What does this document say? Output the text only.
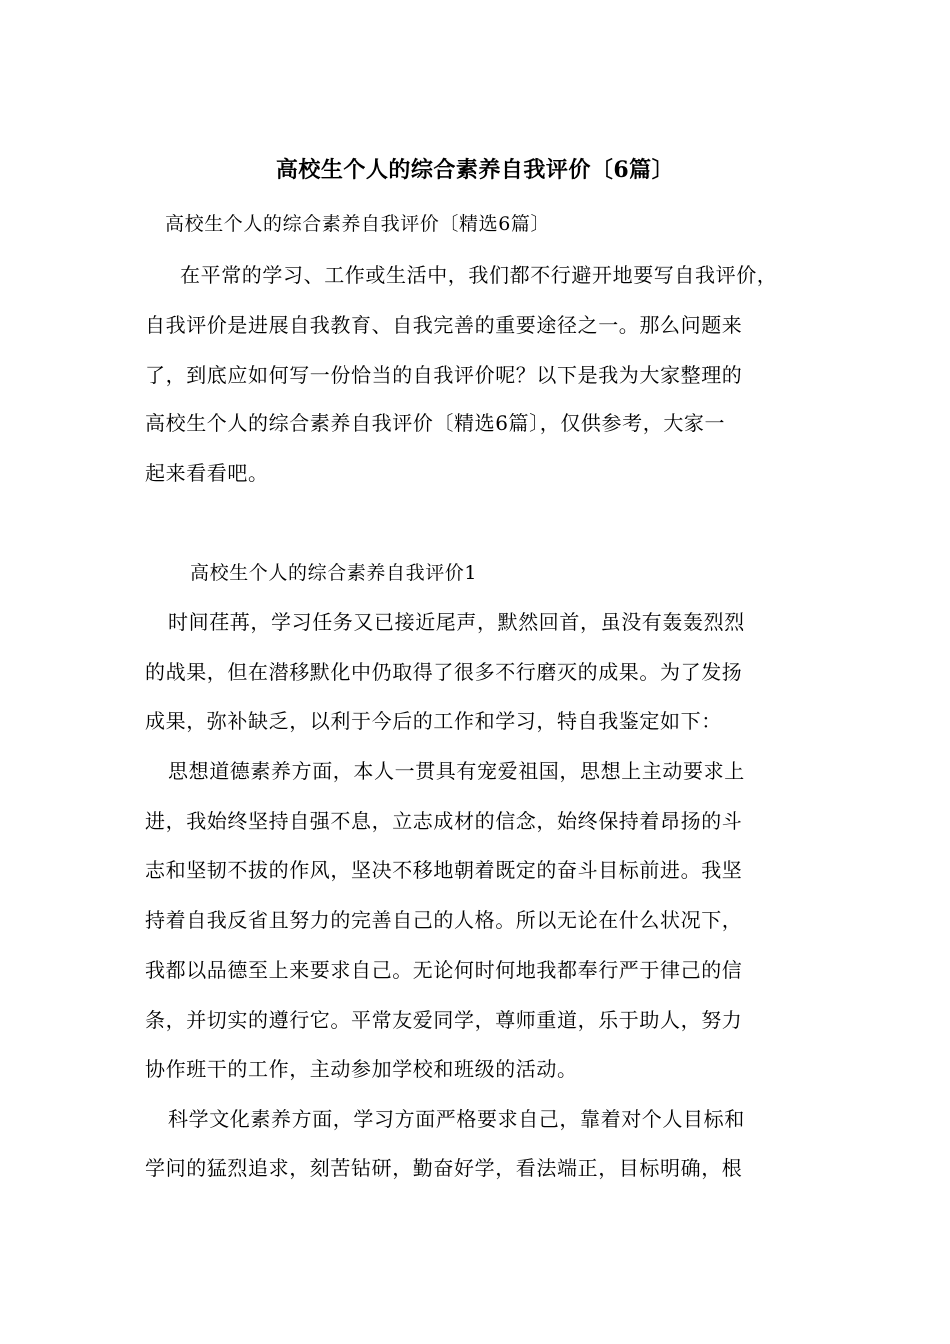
高校生个人的综合素养自我评价〔6篇〕
高校生个人的综合素养自我评价〔精选6篇〕
在平常的学习、工作或生活中，我们都不行避开地要写自我评价，
自我评价是进展自我教育、自我完善的重要途径之一。那么问题来
了，到底应如何写一份恰当的自我评价呢？以下是我为大家整理的
高校生个人的综合素养自我评价〔精选6篇〕，仅供参考，大家一
起来看看吧。
高校生个人的综合素养自我评价1
时间荏苒，学习任务又已接近尾声，默然回首，虽没有轰轰烈烈
的战果，但在潜移默化中仍取得了很多不行磨灭的成果。为了发扬
成果，弥补缺乏，以利于今后的工作和学习，特自我鉴定如下：
思想道德素养方面，本人一贯具有宠爱祖国，思想上主动要求上
进，我始终坚持自强不息，立志成材的信念，始终保持着昂扬的斗
志和坚韧不拔的作风，坚决不移地朝着既定的奋斗目标前进。我坚
持着自我反省且努力的完善自己的人格。所以无论在什么状况下，
我都以品德至上来要求自己。无论何时何地我都奉行严于律己的信
条，并切实的遵行它。平常友爱同学，尊师重道，乐于助人，努力
协作班干的工作，主动参加学校和班级的活动。
科学文化素养方面，学习方面严格要求自己，靠着对个人目标和
学问的猛烈追求，刻苦钻研，勤奋好学，看法端正，目标明确，根
